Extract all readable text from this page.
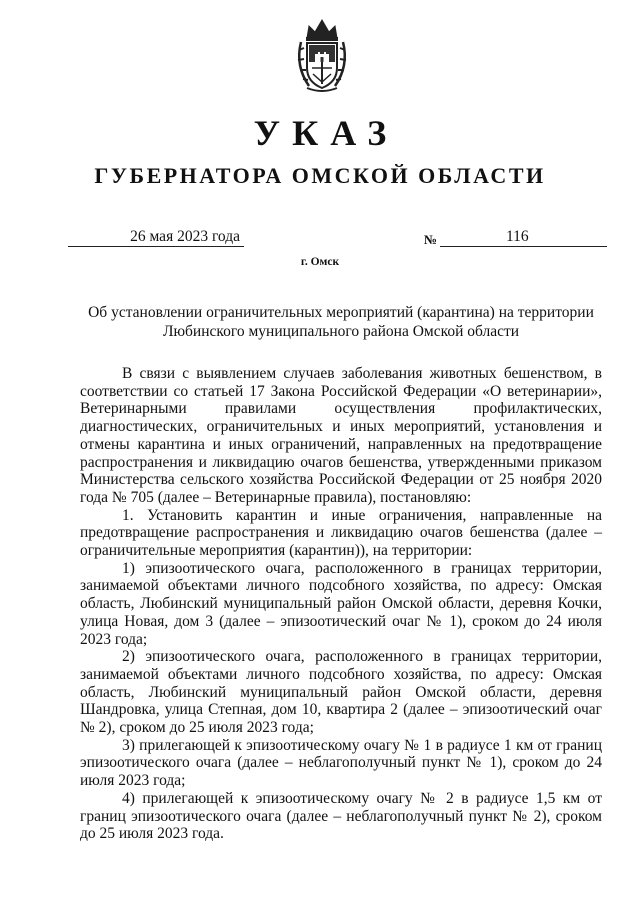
УКАЗ
ГУБЕРНАТОРА ОМСКОЙ ОБЛАСТИ
26 мая 2023 года	№	116
г. Омск
Об установлении ограничительных мероприятий (карантина) на территории Любинского муниципального района Омской области

В связи с выявлением случаев заболевания животных бешенством, в соответствии со статьей 17 Закона Российской Федерации «О ветеринарии», Ветеринарными правилами осуществления профилактических, диагностических, ограничительных и иных мероприятий, установления и отмены карантина и иных ограничений, направленных на предотвращение распространения и ликвидацию очагов бешенства, утвержденными приказом Министерства сельского хозяйства Российской Федерации от 25 ноября 2020 года № 705 (далее – Ветеринарные правила), постановляю:

1. Установить карантин и иные ограничения, направленные на предотвращение распространения и ликвидацию очагов бешенства (далее – ограничительные мероприятия (карантин)), на территории:

1) эпизоотического очага, расположенного в границах территории, занимаемой объектами личного подсобного хозяйства, по адресу: Омская область, Любинский муниципальный район Омской области, деревня Кочки, улица Новая, дом 3 (далее – эпизоотический очаг № 1), сроком до 24 июля 2023 года;

2) эпизоотического очага, расположенного в границах территории, занимаемой объектами личного подсобного хозяйства, по адресу: Омская область, Любинский муниципальный район Омской области, деревня Шандровка, улица Степная, дом 10, квартира 2 (далее – эпизоотический очаг № 2), сроком до 25 июля 2023 года;

3) прилегающей к эпизоотическому очагу № 1 в радиусе 1 км от границ эпизоотического очага (далее – неблагополучный пункт № 1), сроком до 24 июля 2023 года;

4) прилегающей к эпизоотическому очагу № 2 в радиусе 1,5 км от границ эпизоотического очага (далее – неблагополучный пункт № 2), сроком до 25 июля 2023 года.
